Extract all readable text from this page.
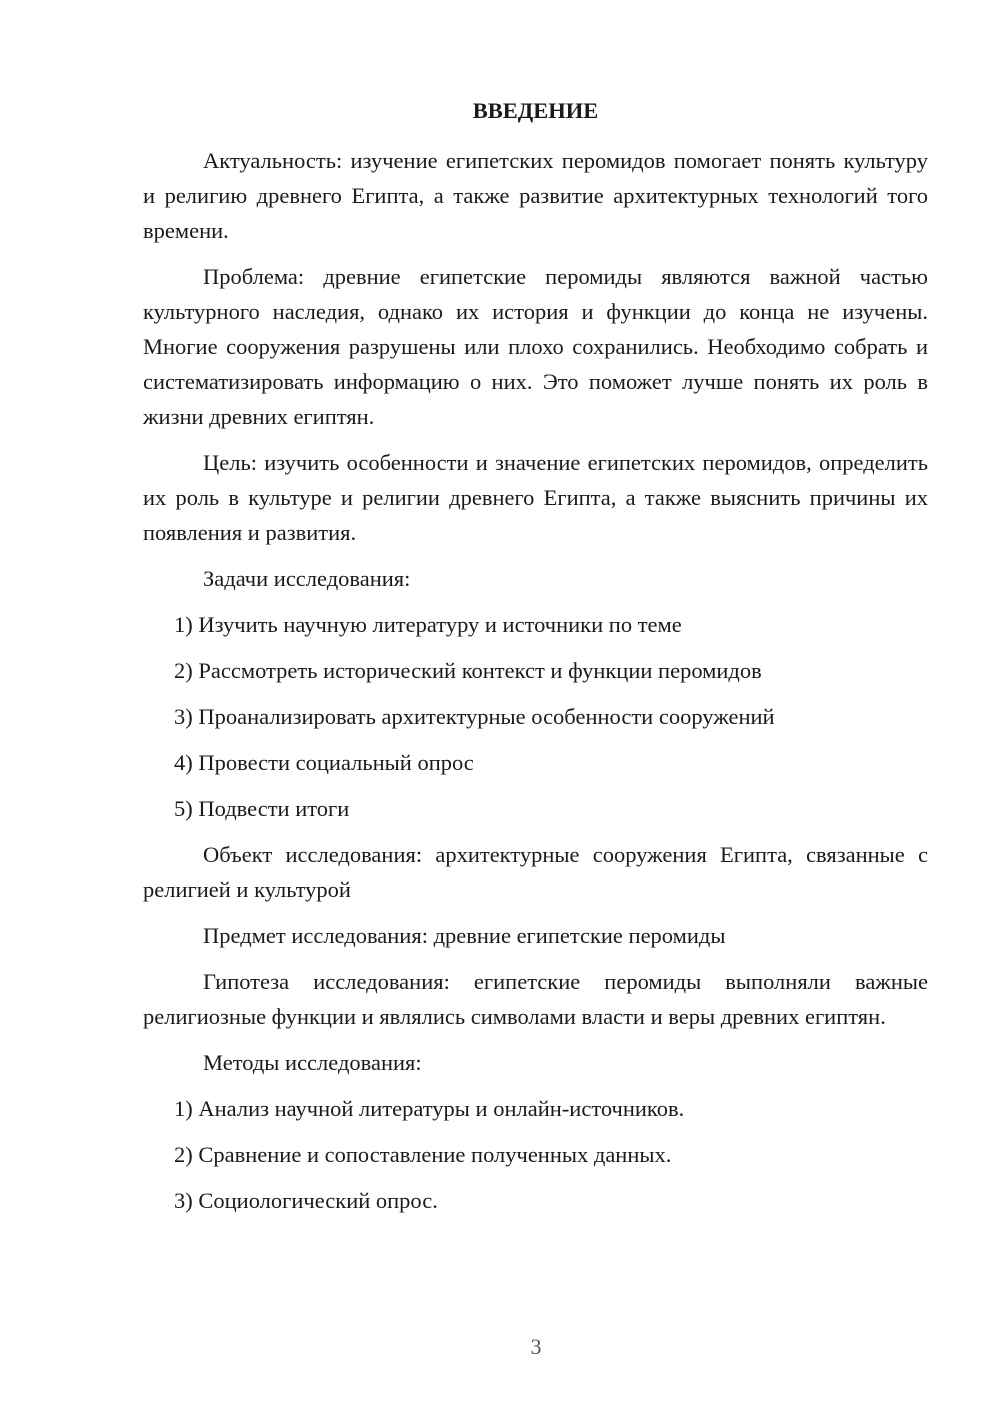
ВВЕДЕНИЕ

Актуальность: изучение египетских перомидов помогает понять культуру и религию древнего Египта, а также развитие архитектурных технологий того времени.

Проблема: древние египетские перомиды являются важной частью культурного наследия, однако их история и функции до конца не изучены. Многие сооружения разрушены или плохо сохранились. Необходимо собрать и систематизировать информацию о них. Это поможет лучше понять их роль в жизни древних египтян.

Цель: изучить особенности и значение египетских перомидов, определить их роль в культуре и религии древнего Египта, а также выяснить причины их появления и развития.

Задачи исследования:

1) Изучить научную литературу и источники по теме

2) Рассмотреть исторический контекст и функции перомидов

3) Проанализировать архитектурные особенности сооружений

4) Провести социальный опрос

5) Подвести итоги

Объект исследования: архитектурные сооружения Египта, связанные с религией и культурой

Предмет исследования: древние египетские перомиды

Гипотеза исследования: египетские перомиды выполняли важные религиозные функции и являлись символами власти и веры древних египтян.

Методы исследования:

1) Анализ научной литературы и онлайн-источников.

2) Сравнение и сопоставление полученных данных.

3) Социологический опрос.

3
